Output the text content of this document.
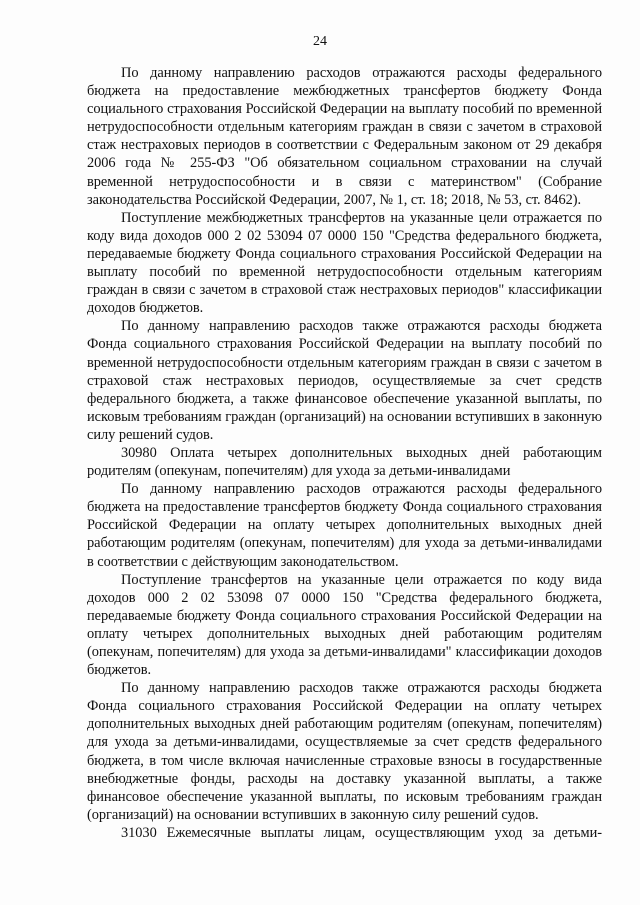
24

По данному направлению расходов отражаются расходы федерального бюджета на предоставление межбюджетных трансфертов бюджету Фонда социального страхования Российской Федерации на выплату пособий по временной нетрудоспособности отдельным категориям граждан в связи с зачетом в страховой стаж нестраховых периодов в соответствии с Федеральным законом от 29 декабря 2006 года № 255-ФЗ "Об обязательном социальном страховании на случай временной нетрудоспособности и в связи с материнством" (Собрание законодательства Российской Федерации, 2007, № 1, ст. 18; 2018, № 53, ст. 8462).

Поступление межбюджетных трансфертов на указанные цели отражается по коду вида доходов 000 2 02 53094 07 0000 150 "Средства федерального бюджета, передаваемые бюджету Фонда социального страхования Российской Федерации на выплату пособий по временной нетрудоспособности отдельным категориям граждан в связи с зачетом в страховой стаж нестраховых периодов" классификации доходов бюджетов.

По данному направлению расходов также отражаются расходы бюджета Фонда социального страхования Российской Федерации на выплату пособий по временной нетрудоспособности отдельным категориям граждан в связи с зачетом в страховой стаж нестраховых периодов, осуществляемые за счет средств федерального бюджета, а также финансовое обеспечение указанной выплаты, по исковым требованиям граждан (организаций) на основании вступивших в законную силу решений судов.

30980 Оплата четырех дополнительных выходных дней работающим родителям (опекунам, попечителям) для ухода за детьми-инвалидами

По данному направлению расходов отражаются расходы федерального бюджета на предоставление трансфертов бюджету Фонда социального страхования Российской Федерации на оплату четырех дополнительных выходных дней работающим родителям (опекунам, попечителям) для ухода за детьми-инвалидами в соответствии с действующим законодательством.

Поступление трансфертов на указанные цели отражается по коду вида доходов 000 2 02 53098 07 0000 150 "Средства федерального бюджета, передаваемые бюджету Фонда социального страхования Российской Федерации на оплату четырех дополнительных выходных дней работающим родителям (опекунам, попечителям) для ухода за детьми-инвалидами" классификации доходов бюджетов.

По данному направлению расходов также отражаются расходы бюджета Фонда социального страхования Российской Федерации на оплату четырех дополнительных выходных дней работающим родителям (опекунам, попечителям) для ухода за детьми-инвалидами, осуществляемые за счет средств федерального бюджета, в том числе включая начисленные страховые взносы в государственные внебюджетные фонды, расходы на доставку указанной выплаты, а также финансовое обеспечение указанной выплаты, по исковым требованиям граждан (организаций) на основании вступивших в законную силу решений судов.

31030 Ежемесячные выплаты лицам, осуществляющим уход за детьми-
